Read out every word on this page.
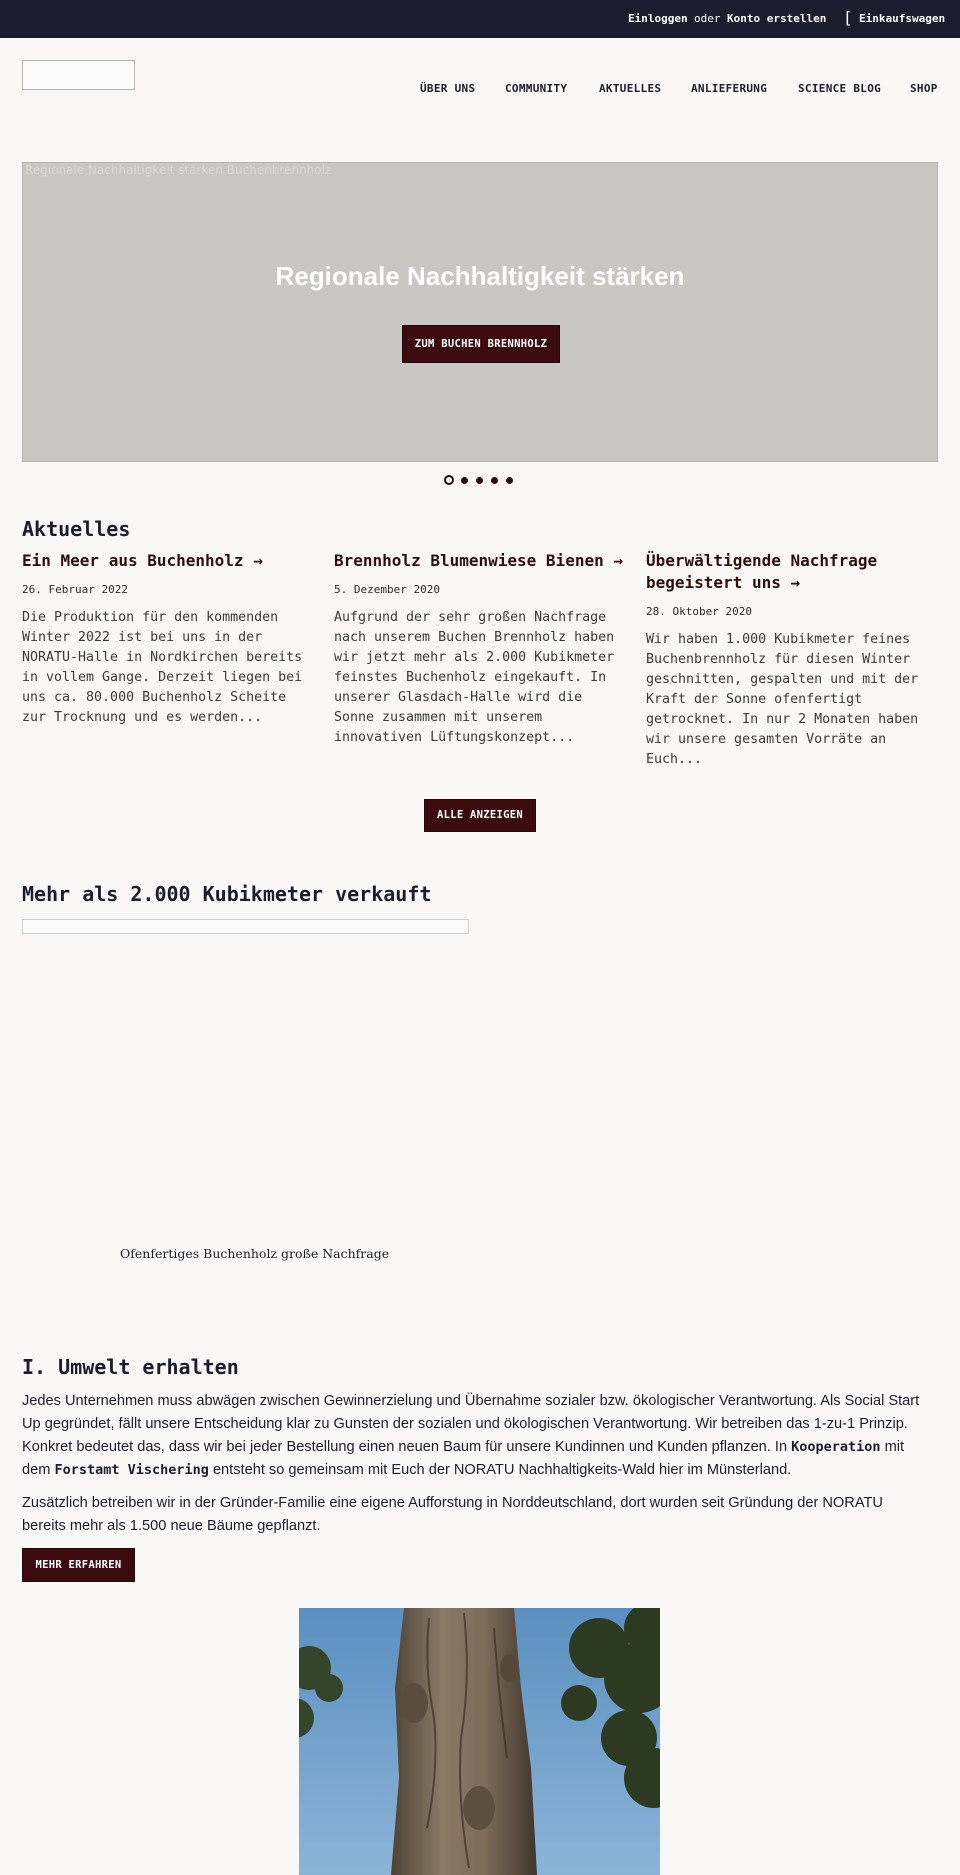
Einloggen oder Konto erstellen [ Einkaufswagen
ÜBER UNS	COMMUNITY	AKTUELLES	ANLIEFERUNG	SCIENCE BLOG	SHOP
Regionale Nachhaltigkeit stärken Buchenbrennholz
Regionale Nachhaltigkeit stärken
ZUM BUCHEN BRENNHOLZ
Aktuelles
Ein Meer aus Buchenholz →
26. Februar 2022

Die Produktion für den kommenden Winter 2022 ist bei uns in der NORATU-Halle in Nordkirchen bereits in vollem Gange. Derzeit liegen bei uns ca. 80.000 Buchenholz Scheite zur Trocknung und es werden...

Brennholz Blumenwiese Bienen →
5. Dezember 2020

Aufgrund der sehr großen Nachfrage nach unserem Buchen Brennholz haben wir jetzt mehr als 2.000 Kubikmeter feinstes Buchenholz eingekauft. In unserer Glasdach-Halle wird die Sonne zusammen mit unserem innovativen Lüftungskonzept...

Überwältigende Nachfrage begeistert uns →
28. Oktober 2020

Wir haben 1.000 Kubikmeter feines Buchenbrennholz für diesen Winter geschnitten, gespalten und mit der Kraft der Sonne ofenfertigt getrocknet. In nur 2 Monaten haben wir unsere gesamten Vorräte an Euch...

ALLE ANZEIGEN
Mehr als 2.000 Kubikmeter verkauft
Ofenfertiges Buchenholz große Nachfrage
I. Umwelt erhalten

Jedes Unternehmen muss abwägen zwischen Gewinnerzielung und Übernahme sozialer bzw. ökologischer Verantwortung. Als Social Start Up gegründet, fällt unsere Entscheidung klar zu Gunsten der sozialen und ökologischen Verantwortung. Wir betreiben das 1-zu-1 Prinzip. Konkret bedeutet das, dass wir bei jeder Bestellung einen neuen Baum für unsere Kundinnen und Kunden pflanzen. In Kooperation mit dem Forstamt Vischering entsteht so gemeinsam mit Euch der NORATU Nachhaltigkeits-Wald hier im Münsterland.

Zusätzlich betreiben wir in der Gründer-Familie eine eigene Aufforstung in Norddeutschland, dort wurden seit Gründung der NORATU bereits mehr als 1.500 neue Bäume gepflanzt.

MEHR ERFAHREN
